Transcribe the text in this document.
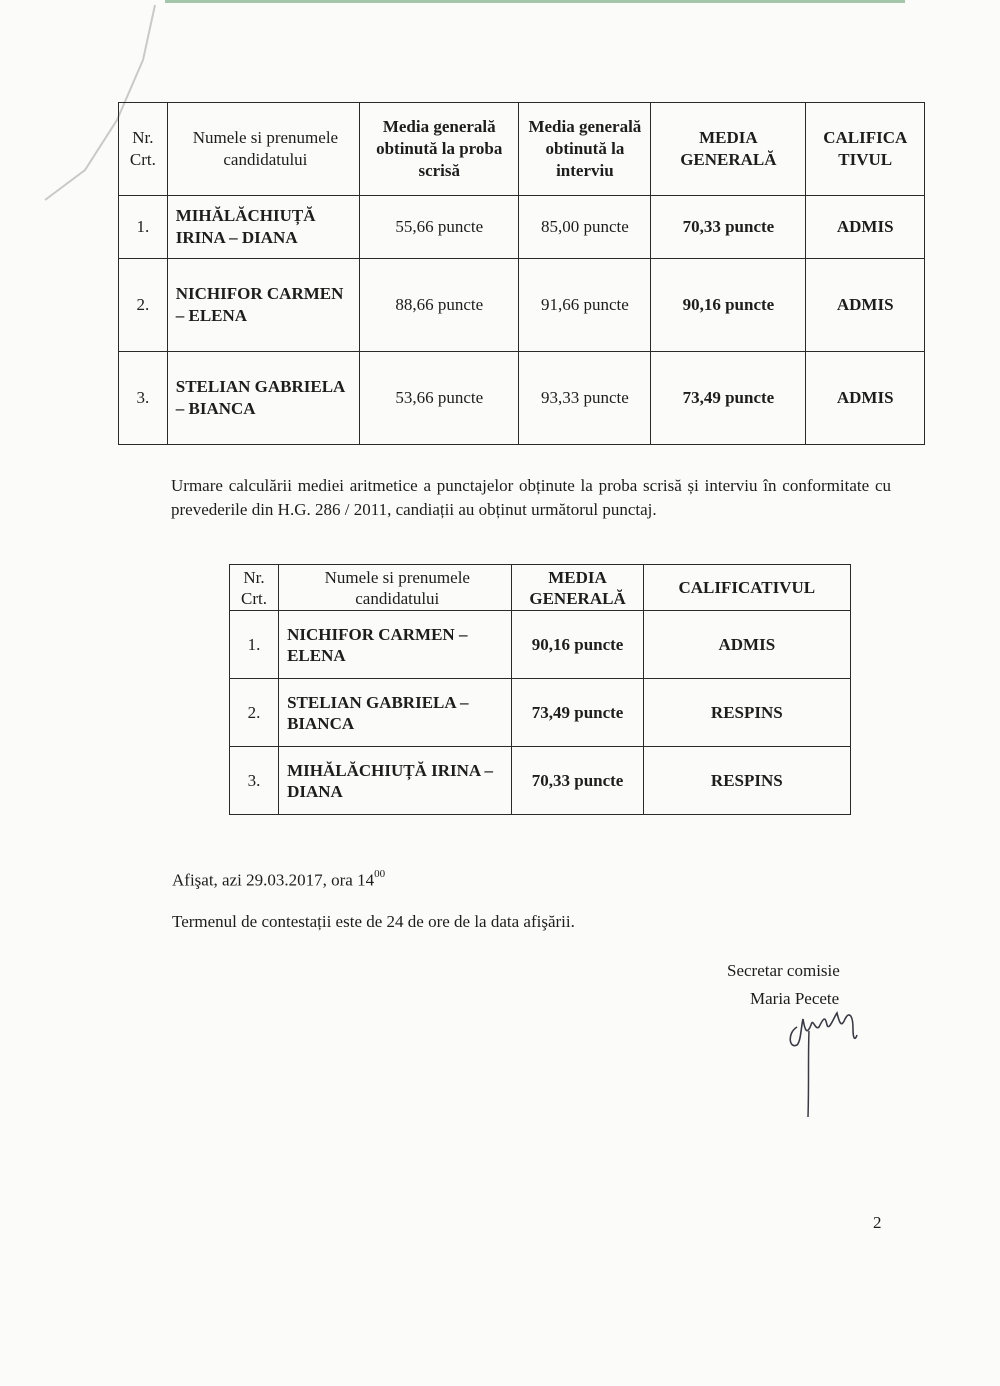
Nr. Crt.	Numele si prenumele candidatului	Media generală obtinută la proba scrisă	Media generală obtinută la interviu	MEDIA GENERALĂ	CALIFICA TIVUL
1.	MIHĂLĂCHIUȚĂ IRINA – DIANA	55,66 puncte	85,00 puncte	70,33 puncte	ADMIS
2.	NICHIFOR CARMEN – ELENA	88,66 puncte	91,66 puncte	90,16 puncte	ADMIS
3.	STELIAN GABRIELA – BIANCA	53,66 puncte	93,33 puncte	73,49 puncte	ADMIS
Urmare calculării mediei aritmetice a punctajelor obținute la proba scrisă și interviu în conformitate cu prevederile din H.G. 286 / 2011, candiații au obținut următorul punctaj.
Nr. Crt.	Numele si prenumele candidatului	MEDIA GENERALĂ	CALIFICATIVUL
1.	NICHIFOR CARMEN – ELENA	90,16 puncte	ADMIS
2.	STELIAN GABRIELA – BIANCA	73,49 puncte	RESPINS
3.	MIHĂLĂCHIUȚĂ IRINA – DIANA	70,33 puncte	RESPINS
Afişat, azi 29.03.2017, ora $14^{00}$
Termenul de contestații este de 24 de ore de la data afişării.
Secretar comisie
Maria Pecete
2
